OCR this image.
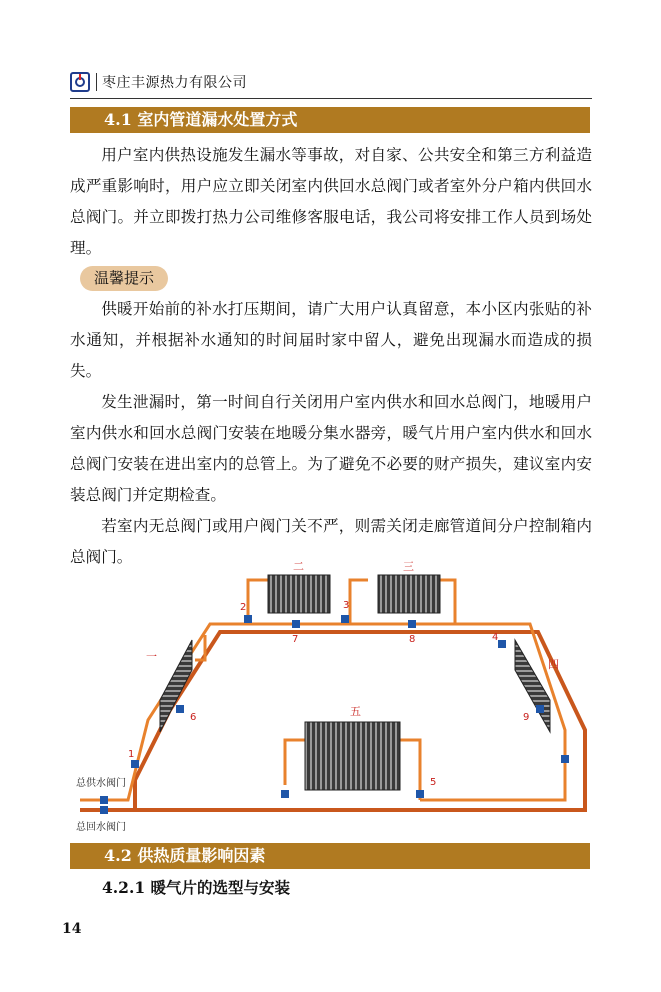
枣庄丰源热力有限公司
4.1 室内管道漏水处置方式

用户室内供热设施发生漏水等事故，对自家、公共安全和第三方利益造成严重影响时，用户应立即关闭室内供回水总阀门或者室外分户箱内供回水总阀门。并立即拨打热力公司维修客服电话，我公司将安排工作人员到场处理。

温馨提示

供暖开始前的补水打压期间，请广大用户认真留意，本小区内张贴的补水通知，并根据补水通知的时间届时家中留人，避免出现漏水而造成的损失。

发生泄漏时，第一时间自行关闭用户室内供水和回水总阀门，地暖用户室内供水和回水总阀门安装在地暖分集水器旁，暖气片用户室内供水和回水总阀门安装在进出室内的总管上。为了避免不必要的财产损失，建议室内安装总阀门并定期检查。

若室内无总阀门或用户阀门关不严，则需关闭走廊管道间分户控制箱内总阀门。

一
二	三
四
五
1
2	3
4
5
6
7	8
9
总供水阀门
总回水阀门
4.2 供热质量影响因素
4.2.1 暖气片的选型与安装
14
